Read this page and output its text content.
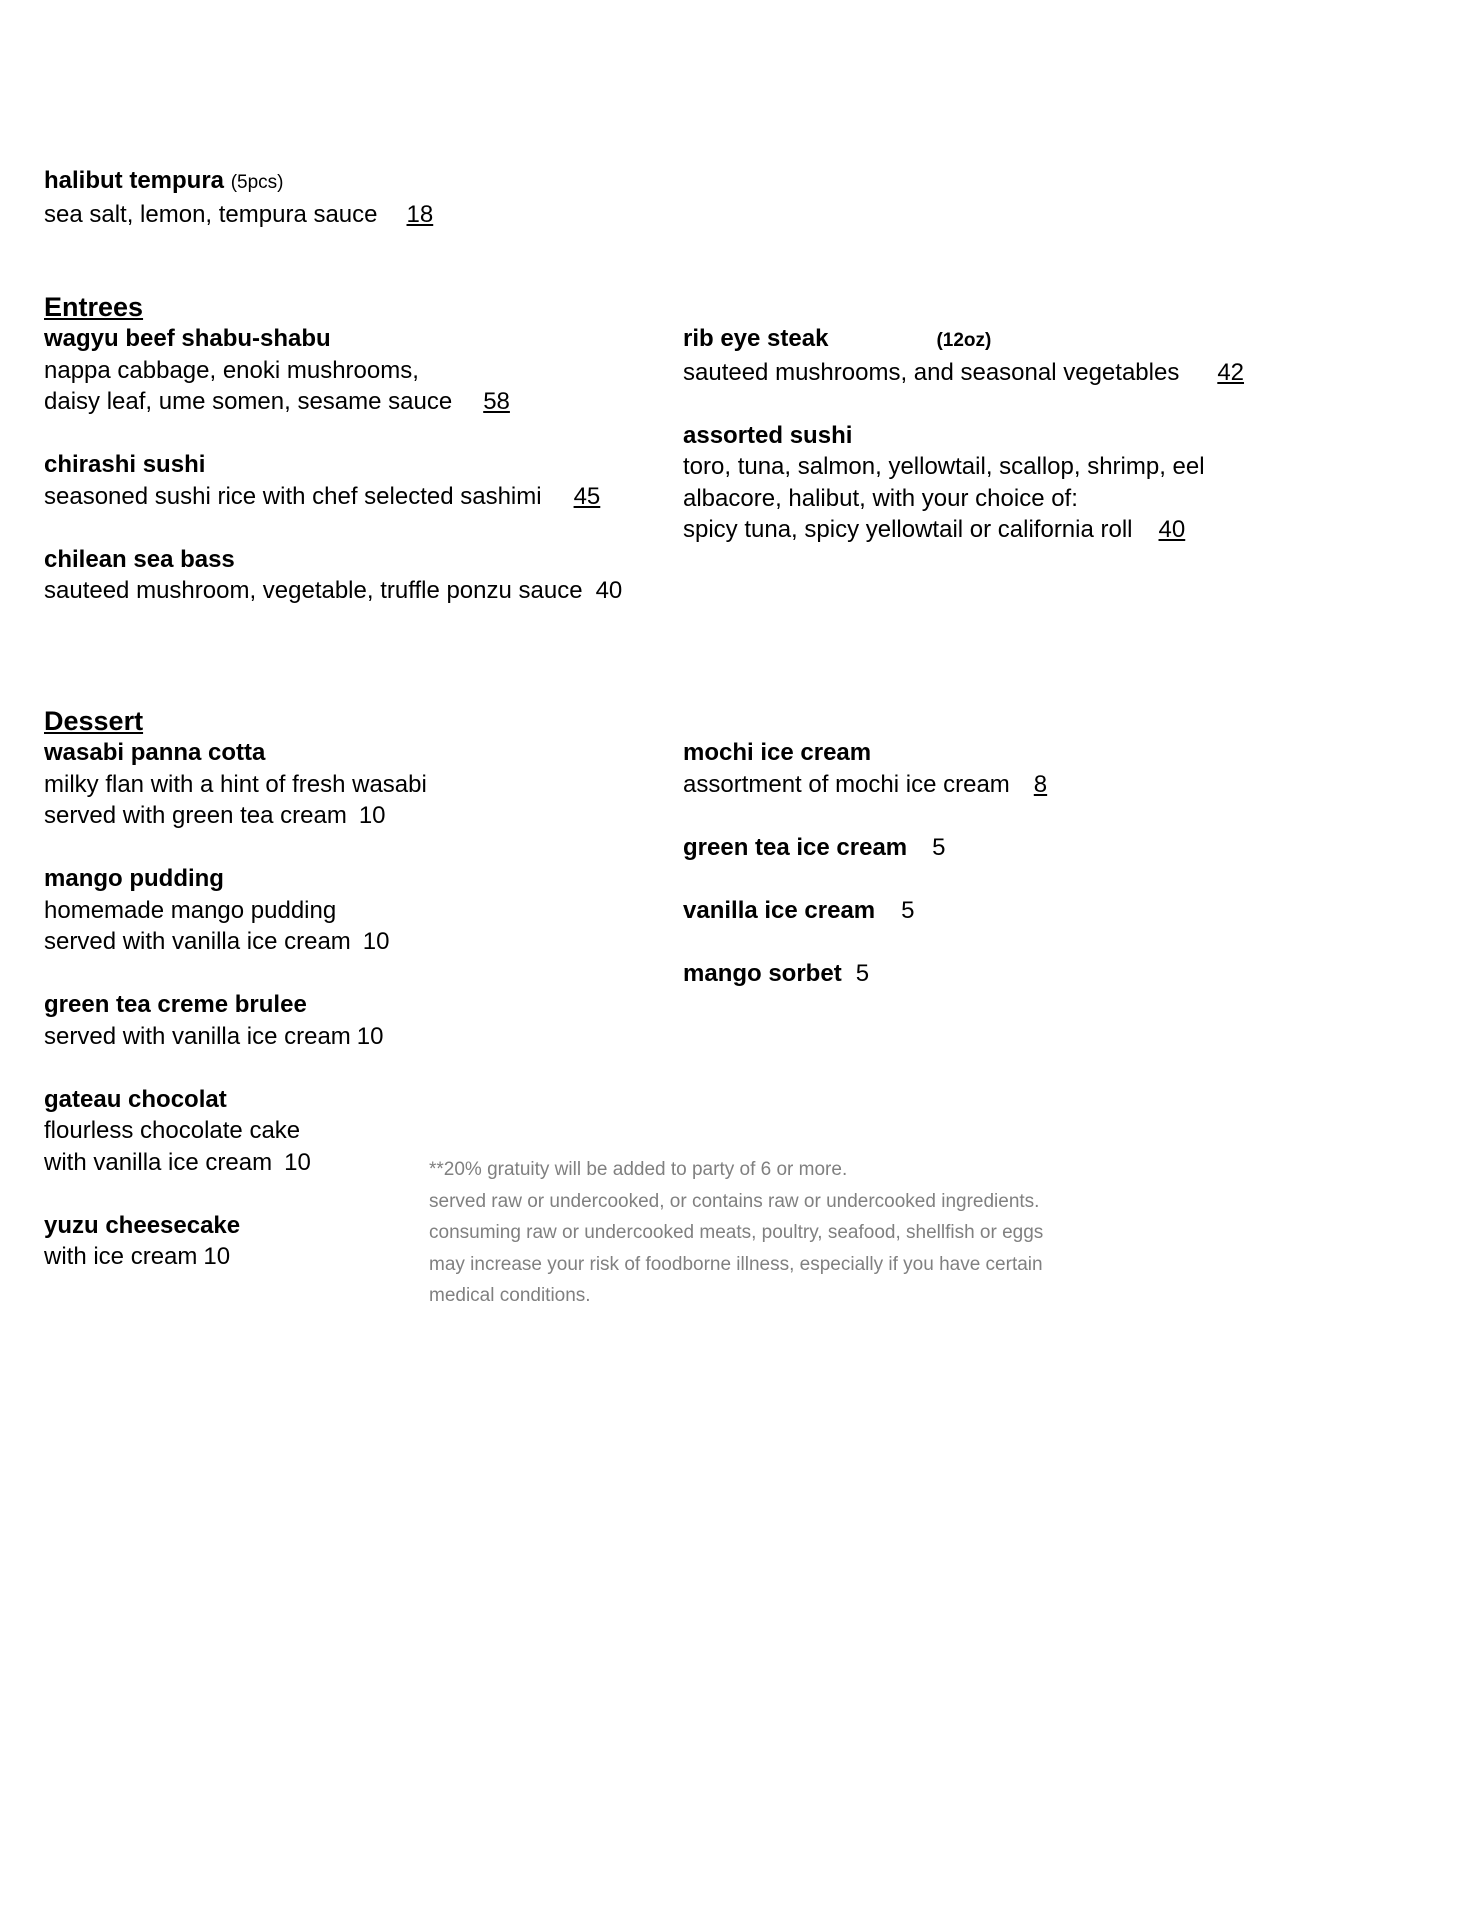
halibut tempura (5pcs)
sea salt, lemon, tempura sauce 18
Entrees
wagyu beef shabu-shabu
nappa cabbage, enoki mushrooms,
daisy leaf, ume somen, sesame sauce 58
chirashi sushi
seasoned sushi rice with chef selected sashimi 45
chilean sea bass
sauteed mushroom, vegetable, truffle ponzu sauce 40
rib eye steak	(12oz)
sauteed mushrooms, and seasonal vegetables 42
assorted sushi
toro, tuna, salmon, yellowtail, scallop, shrimp, eel
albacore, halibut, with your choice of:
spicy tuna, spicy yellowtail or california roll 40
Dessert
wasabi panna cotta
milky flan with a hint of fresh wasabi
served with green tea cream 10
mango pudding
homemade mango pudding
served with vanilla ice cream 10
green tea creme brulee
served with vanilla ice cream 10
gateau chocolat
flourless chocolate cake
with vanilla ice cream 10
yuzu cheesecake
with ice cream 10
mochi ice cream
assortment of mochi ice cream 8
green tea ice cream 5
vanilla ice cream 5
mango sorbet 5
**20% gratuity will be added to party of 6 or more.
served raw or undercooked, or contains raw or undercooked ingredients.
consuming raw or undercooked meats, poultry, seafood, shellfish or eggs
may increase your risk of foodborne illness, especially if you have certain
medical conditions.
